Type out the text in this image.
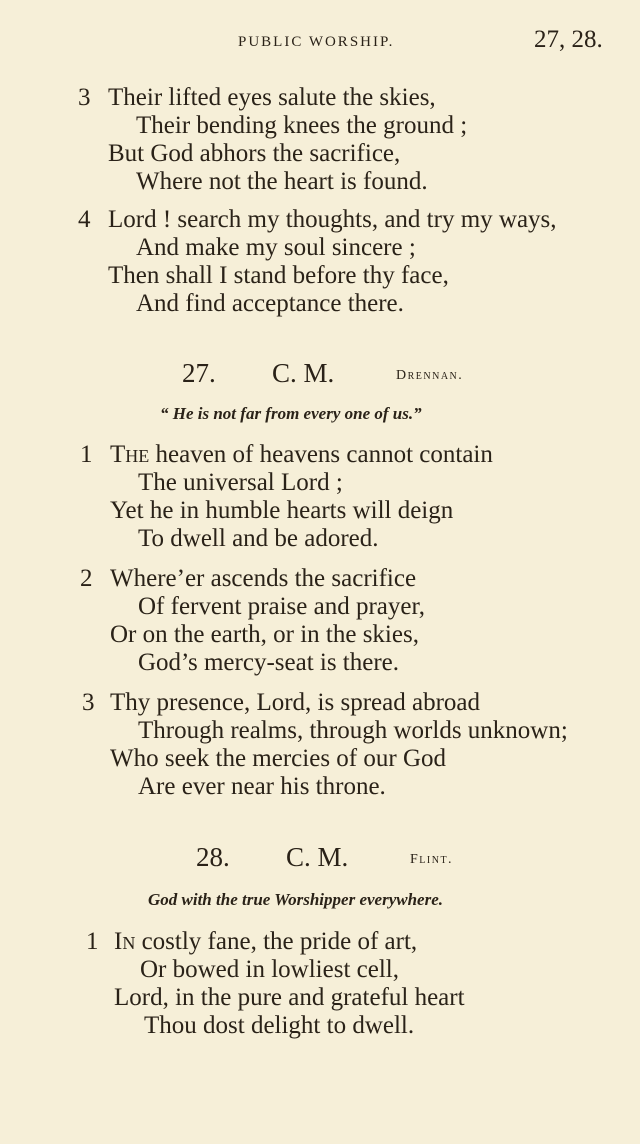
PUBLIC WORSHIP.	27, 28.
3 Their lifted eyes salute the skies,
Their bending knees the ground ;
But God abhors the sacrifice,
Where not the heart is found.
4 Lord ! search my thoughts, and try my ways,
And make my soul sincere ;
Then shall I stand before thy face,
And find acceptance there.
27. C. M.	Drennan.
“ He is not far from every one of us.”
1 The heaven of heavens cannot contain
The universal Lord ;
Yet he in humble hearts will deign
To dwell and be adored.
2 Where’er ascends the sacrifice
Of fervent praise and prayer,
Or on the earth, or in the skies,
God’s mercy-seat is there.
3 Thy presence, Lord, is spread abroad
Through realms, through worlds unknown;
Who seek the mercies of our God
Are ever near his throne.
28. C. M.	Flint.
God with the true Worshipper everywhere.
1 In costly fane, the pride of art,
Or bowed in lowliest cell,
Lord, in the pure and grateful heart
Thou dost delight to dwell.
